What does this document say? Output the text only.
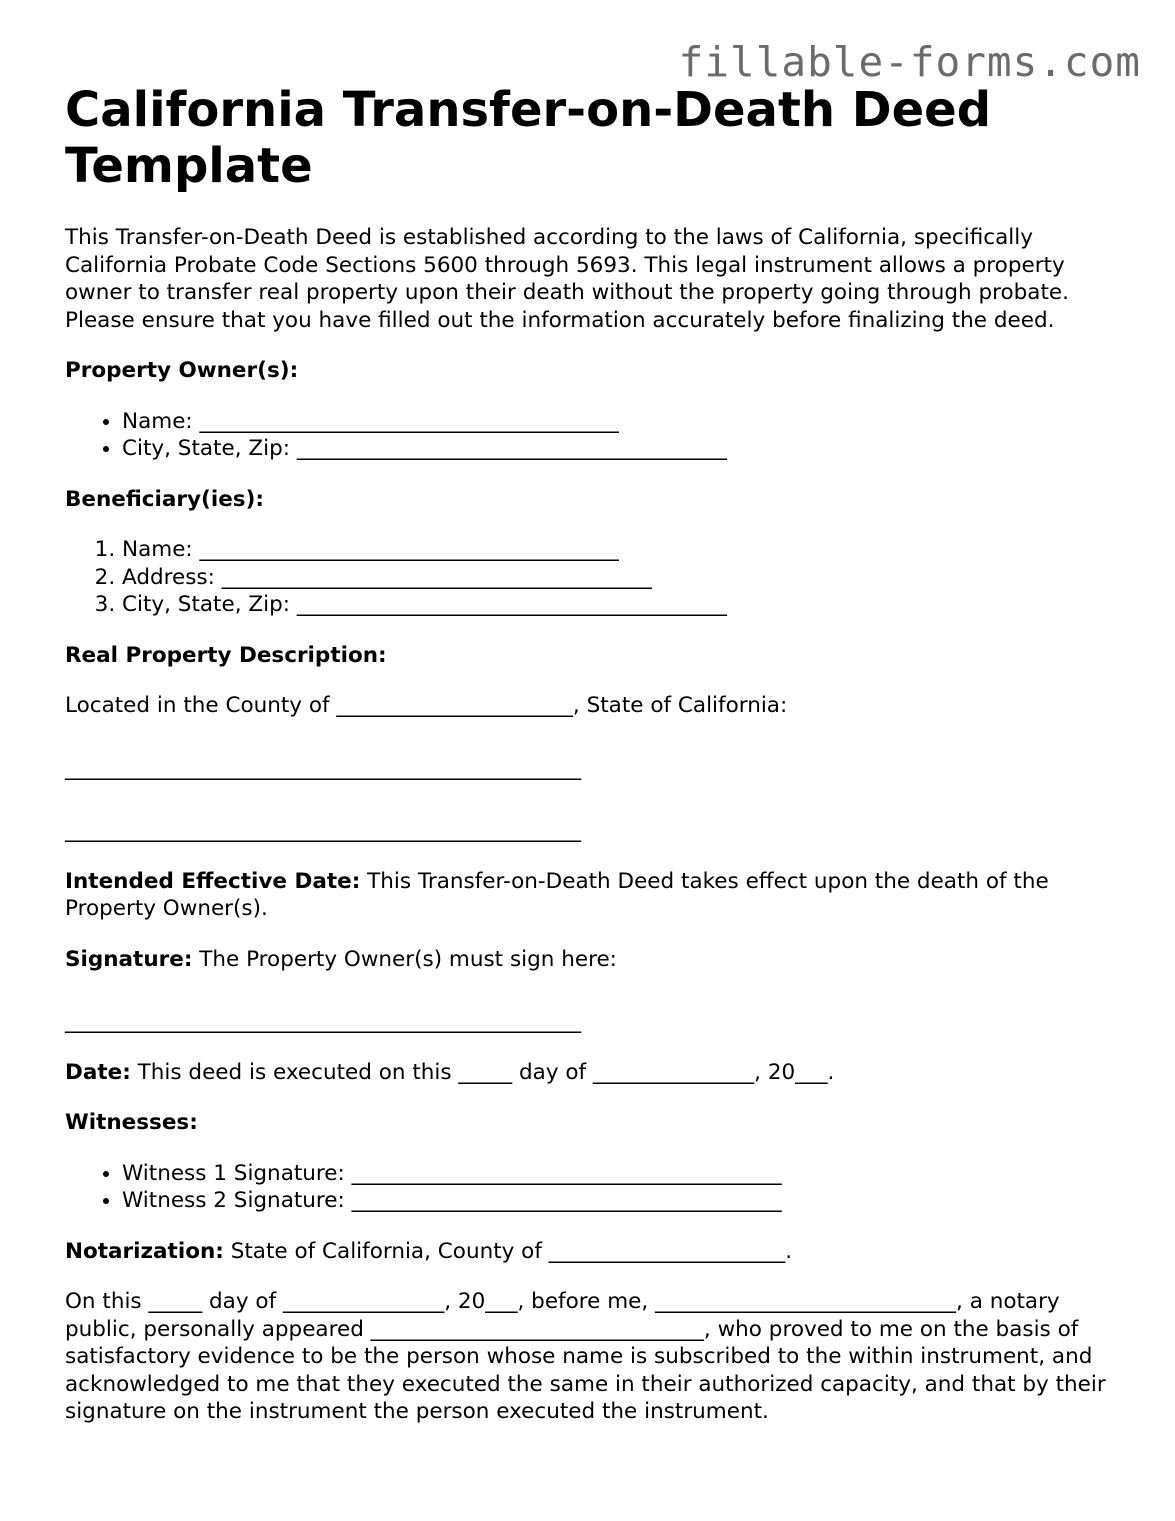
fillable-forms.com
California Transfer-on-Death Deed Template

This Transfer-on-Death Deed is established according to the laws of California, specifically California Probate Code Sections 5600 through 5693. This legal instrument allows a property owner to transfer real property upon their death without the property going through probate. Please ensure that you have filled out the information accurately before finalizing the deed.

Property Owner(s):

• Name: _______________________________________
• City, State, Zip: ________________________________________

Beneficiary(ies):

1. Name: _______________________________________
2. Address: ________________________________________
3. City, State, Zip: ________________________________________

Real Property Description:

Located in the County of ______________________, State of California:

________________________________________________

________________________________________________

Intended Effective Date: This Transfer-on-Death Deed takes effect upon the death of the Property Owner(s).

Signature: The Property Owner(s) must sign here:

________________________________________________

Date: This deed is executed on this _____ day of _______________, 20___.

Witnesses:

• Witness 1 Signature: ________________________________________
• Witness 2 Signature: ________________________________________

Notarization: State of California, County of ______________________.

On this _____ day of _______________, 20___, before me, ____________________________, a notary public, personally appeared _______________________________, who proved to me on the basis of satisfactory evidence to be the person whose name is subscribed to the within instrument, and acknowledged to me that they executed the same in their authorized capacity, and that by their signature on the instrument the person executed the instrument.
